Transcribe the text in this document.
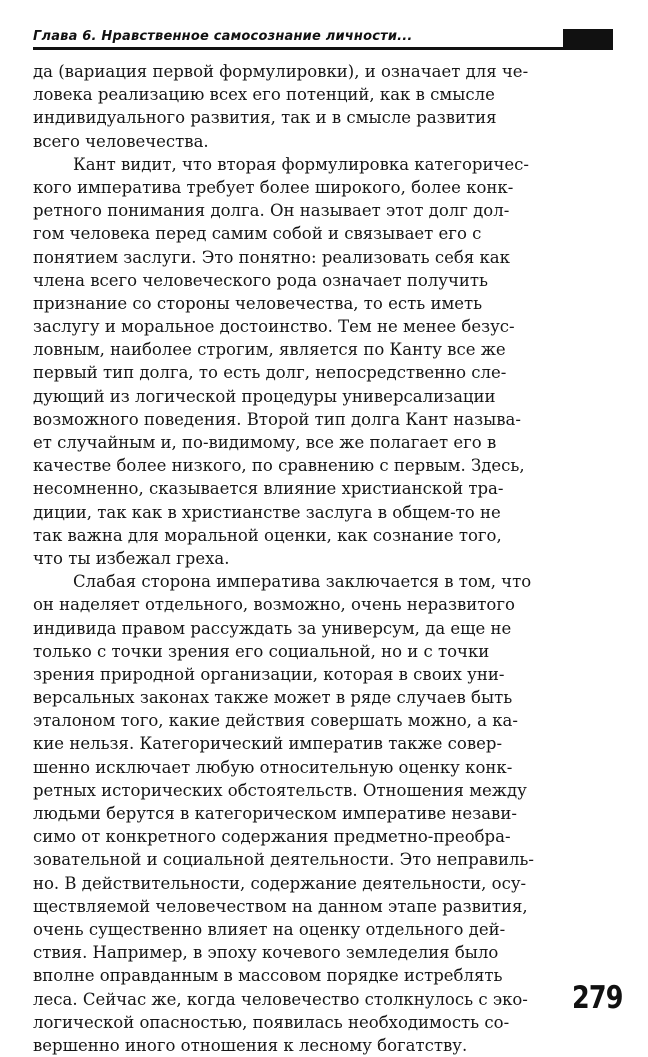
Глава 6. Нравственное самосознание личности...
да (вариация первой формулировки), и означает для че-
ловека реализацию всех его потенций, как в смысле
индивидуального развития, так и в смысле развития
всего человечества.
Кант видит, что вторая формулировка категоричес-
кого императива требует более широкого, более конк-
ретного понимания долга. Он называет этот долг дол-
гом человека перед самим собой и связывает его с
понятием заслуги. Это понятно: реализовать себя как
члена всего человеческого рода означает получить
признание со стороны человечества, то есть иметь
заслугу и моральное достоинство. Тем не менее безус-
ловным, наиболее строгим, является по Канту все же
первый тип долга, то есть долг, непосредственно сле-
дующий из логической процедуры универсализации
возможного поведения. Второй тип долга Кант называ-
ет случайным и, по-видимому, все же полагает его в
качестве более низкого, по сравнению с первым. Здесь,
несомненно, сказывается влияние христианской тра-
диции, так как в христианстве заслуга в общем-то не
так важна для моральной оценки, как сознание того,
что ты избежал греха.
Слабая сторона императива заключается в том, что
он наделяет отдельного, возможно, очень неразвитого
индивида правом рассуждать за универсум, да еще не
только с точки зрения его социальной, но и с точки
зрения природной организации, которая в своих уни-
версальных законах также может в ряде случаев быть
эталоном того, какие действия совершать можно, а ка-
кие нельзя. Категорический императив также совер-
шенно исключает любую относительную оценку конк-
ретных исторических обстоятельств. Отношения между
людьми берутся в категорическом императиве незави-
симо от конкретного содержания предметно-преобра-
зовательной и социальной деятельности. Это неправиль-
но. В действительности, содержание деятельности, осу-
ществляемой человечеством на данном этапе развития,
очень существенно влияет на оценку отдельного дей-
ствия. Например, в эпоху кочевого земледелия было
вполне оправданным в массовом порядке истреблять
леса. Сейчас же, когда человечество столкнулось с эко-
логической опасностью, появилась необходимость со-
вершенно иного отношения к лесному богатству.
279
